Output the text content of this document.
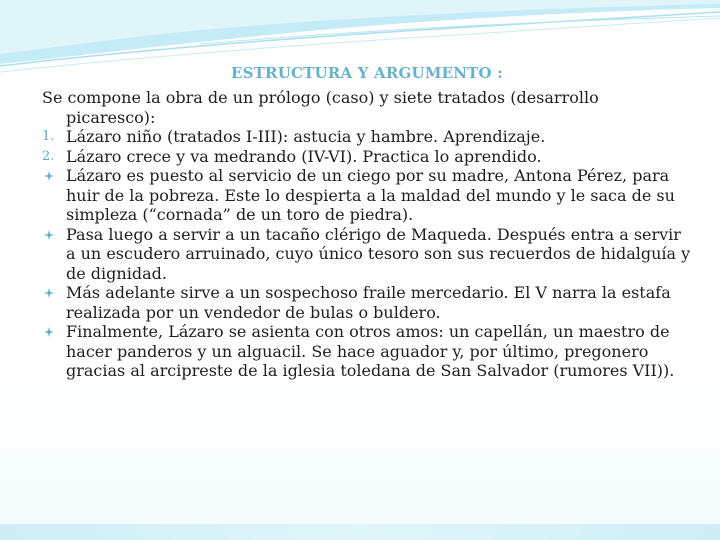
ESTRUCTURA Y ARGUMENTO :

Se compone la obra de un prólogo (caso) y siete tratados (desarrollo picaresco):

1. Lázaro niño (tratados I-III): astucia y hambre. Aprendizaje.
2. Lázaro crece y va medrando (IV-VI). Practica lo aprendido.
Lázaro es puesto al servicio de un ciego por su madre, Antona Pérez, para huir de la pobreza. Este lo despierta a la maldad del mundo y le saca de su simpleza (“cornada” de un toro de piedra).
Pasa luego a servir a un tacaño clérigo de Maqueda. Después entra a servir a un escudero arruinado, cuyo único tesoro son sus recuerdos de hidalguía y de dignidad.
Más adelante sirve a un sospechoso fraile mercedario. El V narra la estafa realizada por un vendedor de bulas o buldero.
Finalmente, Lázaro se asienta con otros amos: un capellán, un maestro de hacer panderos y un alguacil. Se hace aguador y, por último, pregonero gracias al arcipreste de la iglesia toledana de San Salvador (rumores VII)).
